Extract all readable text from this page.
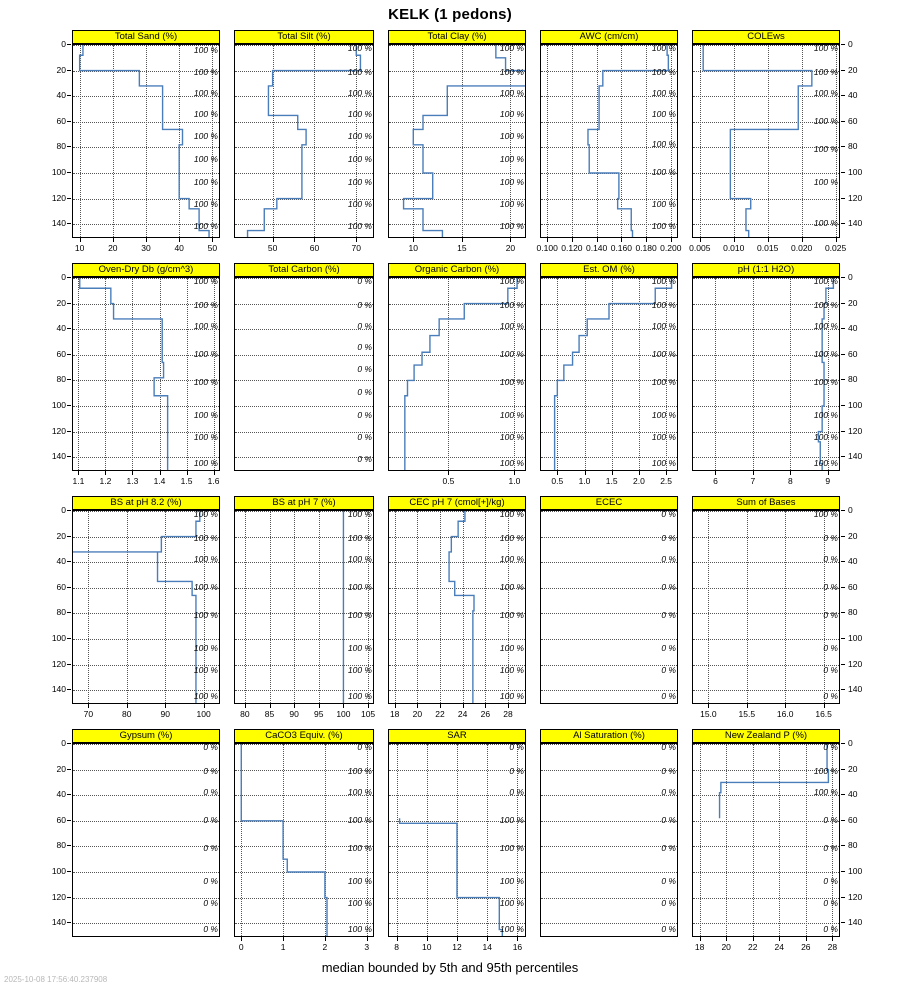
KELK (1 pedons)
median bounded by 5th and 95th percentiles
2025-10-08 17:56:40.237908
Total Sand (%)
100 %
100 %
100 %
100 %
100 %
100 %
100 %
100 %
100 %
10	20	30	40	50
Total Silt (%)
100 %
100 %
100 %
100 %
100 %
100 %
100 %
100 %
100 %
50	60	70
Total Clay (%)
100 %
100 %
100 %
100 %
100 %
100 %
100 %
100 %
100 %
10	15	20
AWC (cm/cm)
100 %
100 %
100 %
100 %
100 %
100 %
100 %
100 %
0.100 0.120 0.140 0.160 0.180 0.200
COLEws
100 %
100 %
100 %
100 %
100 %
100 %
100 %
0.005	0.010	0.015	0.020	0.025
Oven-Dry Db (g/cm^3)
100 %
100 %
100 %
100 %
100 %
100 %
100 %
100 %
1.1	1.2	1.3	1.4	1.5	1.6
Total Carbon (%)
0 %
0 %
0 %
0 %
0 %
0 %
0 %
0 %
0 %
Organic Carbon (%)
100 %
100 %
100 %
100 %
100 %
100 %
100 %
100 %
0.5	1.0
Est. OM (%)
100 %
100 %
100 %
100 %
100 %
100 %
100 %
100 %
0.5	1.0	1.5	2.0	2.5
pH (1:1 H2O)
100 %
100 %
100 %
100 %
100 %
100 %
100 %
100 %
6	7	8	9
BS at pH 8.2 (%)
100 %
100 %
100 %
100 %
100 %
100 %
100 %
100 %
70	80	90	100
BS at pH 7 (%)
100 %
100 %
100 %
100 %
100 %
100 %
100 %
100 %
80	85	90	95	100	105
CEC pH 7 (cmol[+]/kg)
100 %
100 %
100 %
100 %
100 %
100 %
100 %
100 %
18	20	22	24	26	28
ECEC
0 %
0 %
0 %
0 %
0 %
0 %
0 %
0 %
Sum of Bases
100 %
0 %
0 %
0 %
0 %
0 %
0 %
0 %
15.0	15.5	16.0	16.5
Gypsum (%)
0 %
0 %
0 %
0 %
0 %
0 %
0 %
0 %
CaCO3 Equiv. (%)
0 %
100 %
100 %
100 %
100 %
100 %
100 %
100 %
0	1	2	3
SAR
0 %
0 %
0 %
100 %
100 %
100 %
100 %
100 %
8	10	12	14	16
Al Saturation (%)
0 %
0 %
0 %
0 %
0 %
0 %
0 %
0 %
New Zealand P (%)
0 %
100 %
100 %
0 %
0 %
0 %
0 %
0 %
18	20	22	24	26	28
0	0
20	20
40	40
60	60
80	80
100	100
120	120
140	140
0	0
20	20
40	40
60	60
80	80
100	100
120	120
140	140
0	0
20	20
40	40
60	60
80	80
100	100
120	120
140	140
0	0
20	20
40	40
60	60
80	80
100	100
120	120
140	140
